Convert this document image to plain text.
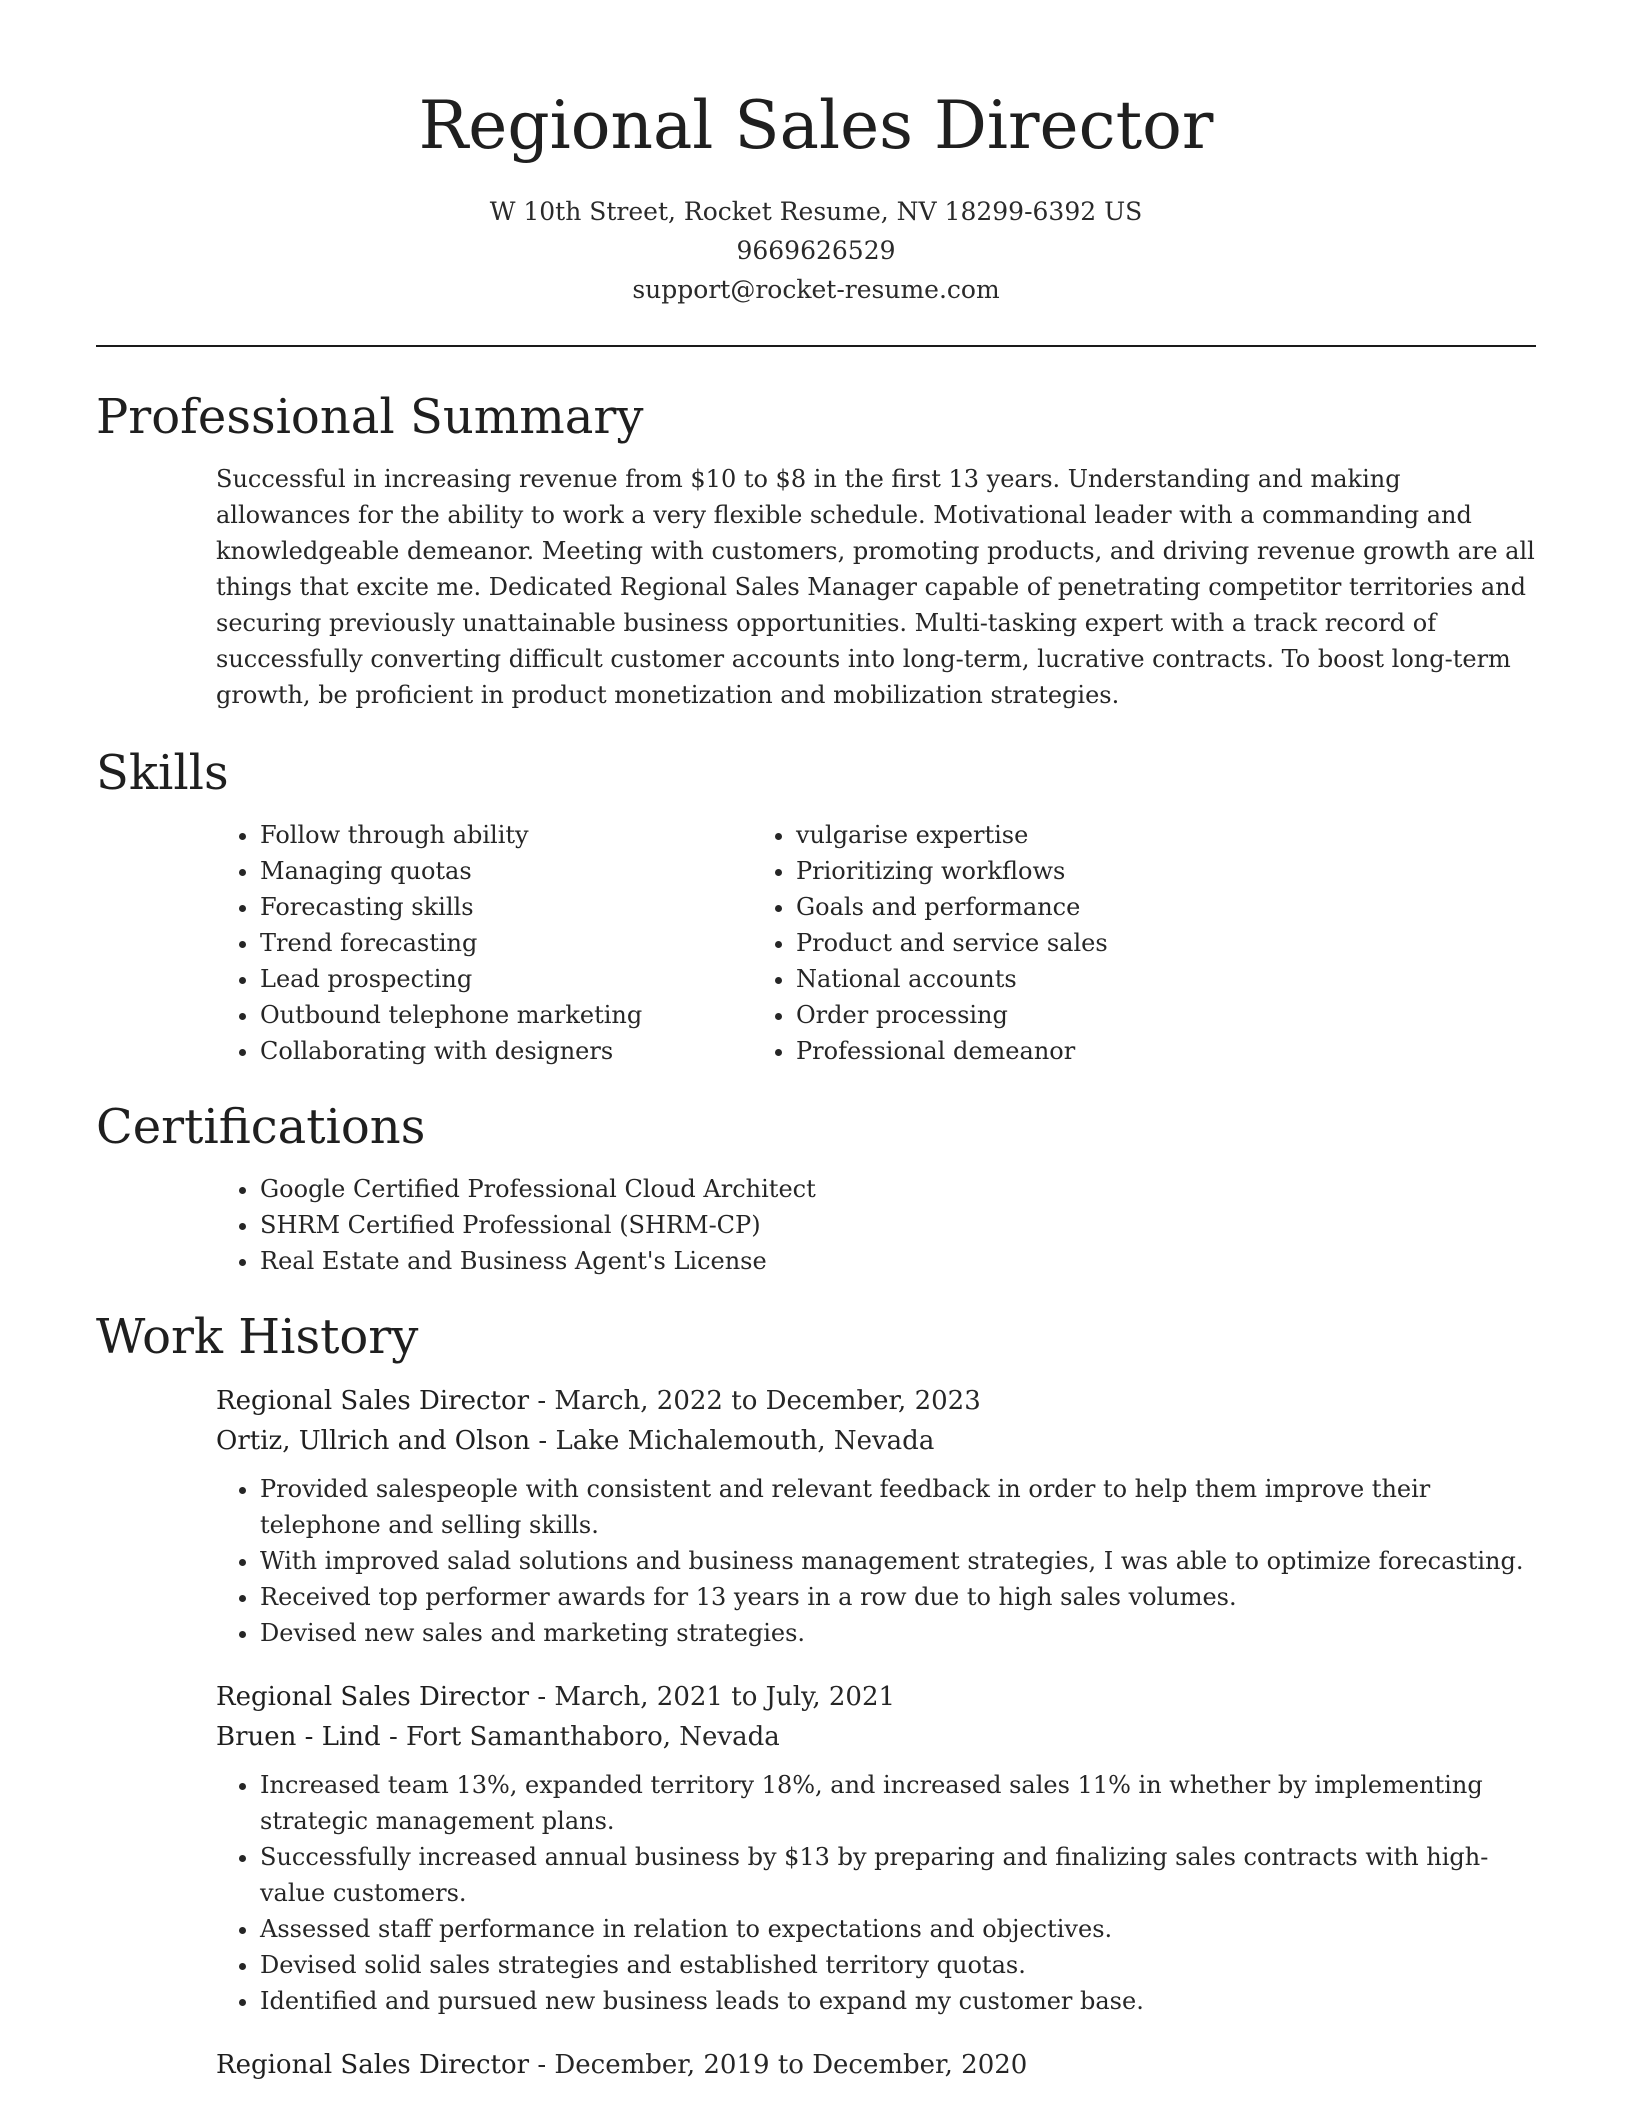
Regional Sales Director
W 10th Street, Rocket Resume, NV 18299-6392 US
9669626529
support@rocket-resume.com
Professional Summary

Successful in increasing revenue from $10 to $8 in the first 13 years. Understanding and making allowances for the ability to work a very flexible schedule. Motivational leader with a commanding and knowledgeable demeanor. Meeting with customers, promoting products, and driving revenue growth are all things that excite me. Dedicated Regional Sales Manager capable of penetrating competitor territories and securing previously unattainable business opportunities. Multi-tasking expert with a track record of successfully converting difficult customer accounts into long-term, lucrative contracts. To boost long-term growth, be proficient in product monetization and mobilization strategies.

Skills
• Follow through ability
• Managing quotas
• Forecasting skills
• Trend forecasting
• Lead prospecting
• Outbound telephone marketing
• Collaborating with designers
• vulgarise expertise
• Prioritizing workflows
• Goals and performance
• Product and service sales
• National accounts
• Order processing
• Professional demeanor
Certifications
• Google Certified Professional Cloud Architect
• SHRM Certified Professional (SHRM-CP)
• Real Estate and Business Agent's License
Work History
Regional Sales Director - March, 2022 to December, 2023
Ortiz, Ullrich and Olson - Lake Michalemouth, Nevada
• Provided salespeople with consistent and relevant feedback in order to help them improve their telephone and selling skills.
• With improved salad solutions and business management strategies, I was able to optimize forecasting.
• Received top performer awards for 13 years in a row due to high sales volumes.
• Devised new sales and marketing strategies.
Regional Sales Director - March, 2021 to July, 2021
Bruen - Lind - Fort Samanthaboro, Nevada
• Increased team 13%, expanded territory 18%, and increased sales 11% in whether by implementing strategic management plans.
• Successfully increased annual business by $13 by preparing and finalizing sales contracts with high-value customers.
• Assessed staff performance in relation to expectations and objectives.
• Devised solid sales strategies and established territory quotas.
• Identified and pursued new business leads to expand my customer base.
Regional Sales Director - December, 2019 to December, 2020
